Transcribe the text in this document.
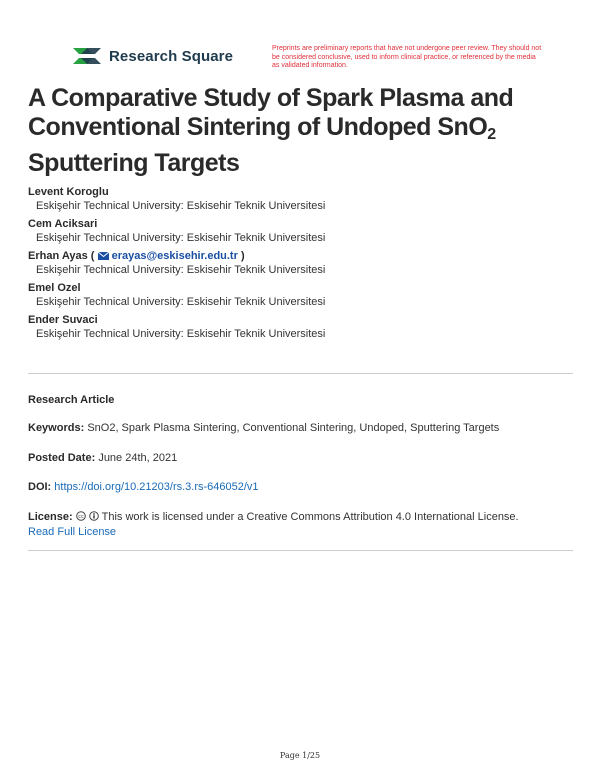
Research Square	Preprints are preliminary reports that have not undergone peer review. They should not be considered conclusive, used to inform clinical practice, or referenced by the media as validated information.
A Comparative Study of Spark Plasma and Conventional Sintering of Undoped SnO$_2$ Sputtering Targets
Levent Koroglu
Eskişehir Technical University: Eskisehir Teknik Universitesi
Cem Aciksari
Eskişehir Technical University: Eskisehir Teknik Universitesi
Erhan Ayas ( erayas@eskisehir.edu.tr )
Eskişehir Technical University: Eskisehir Teknik Universitesi
Emel Ozel
Eskişehir Technical University: Eskisehir Teknik Universitesi
Ender Suvaci
Eskişehir Technical University: Eskisehir Teknik Universitesi
Research Article
Keywords: SnO2, Spark Plasma Sintering, Conventional Sintering, Undoped, Sputtering Targets
Posted Date: June 24th, 2021
DOI: https://doi.org/10.21203/rs.3.rs-646052/v1
License: cc This work is licensed under a Creative Commons Attribution 4.0 International License.
Read Full License
Page 1/25
